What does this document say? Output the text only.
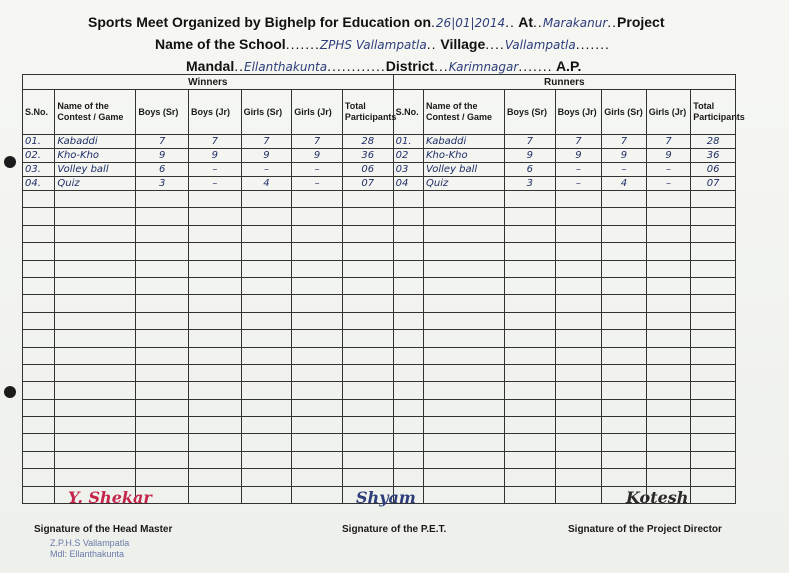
Sports Meet Organized by Bighelp for Education on.26|01|2014.. At..Marakanur..Project
Name of the School.......ZPHS Vallampatla.. Village....Vallampatla.......
Mandal..Ellanthakunta............District...Karimnagar....... A.P.
Winners							Runners						
S.No.	Name of the Contest / Game	Boys (Sr)	Boys (Jr)	Girls (Sr)	Girls (Jr)	Total Participants	S.No.	Name of the Contest / Game	Boys (Sr)	Boys (Jr)	Girls (Sr)	Girls (Jr)	Total Participants
01.	Kabaddi	7	7	7	7	28	01.	Kabaddi	7	7	7	7	28
02.	Kho-Kho	9	9	9	9	36	02	Kho-Kho	9	9	9	9	36
03.	Volley ball	6	–	–	–	06	03	Volley ball	6	–	–	–	06
04.	Quiz	3	–	4	–	07	04	Quiz	3	–	4	–	07

Y. Shekar
Signature of the Head Master
Z.P.H.S Vallampatla
Mdl: Ellanthakunta
Shyam
Signature of the P.E.T.
Kotesh
Signature of the Project Director
